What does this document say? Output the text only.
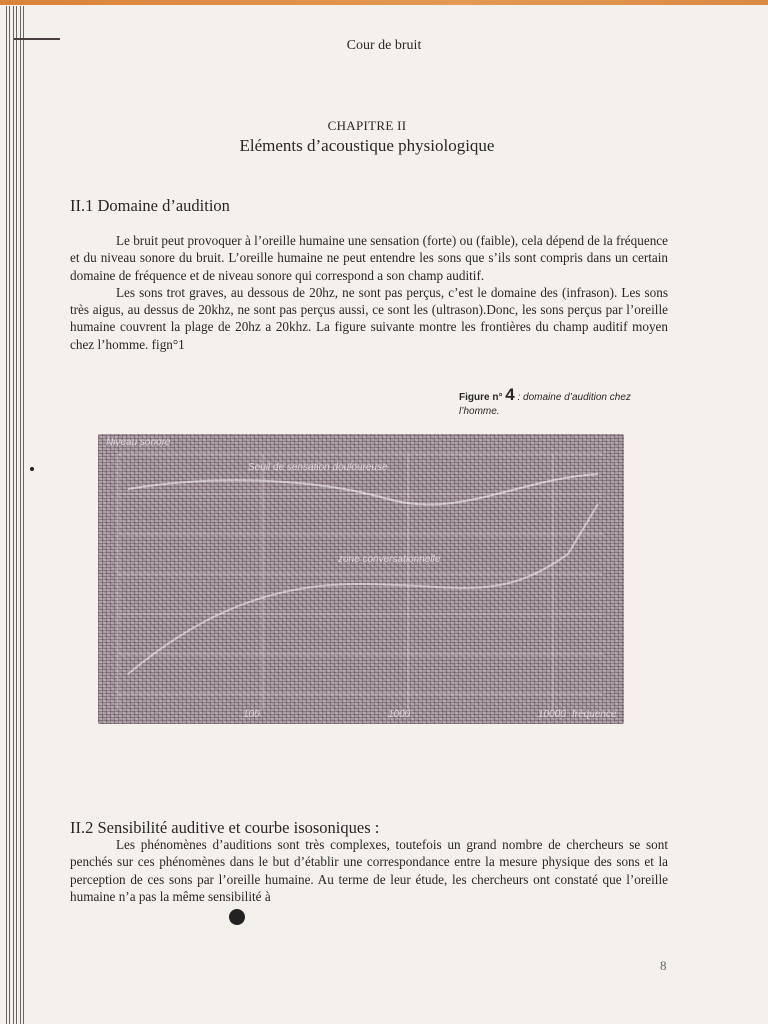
Cour de bruit
CHAPITRE II
Eléments d’acoustique physiologique
II.1 Domaine d’audition

Le bruit peut provoquer à l’oreille humaine une sensation (forte) ou (faible), cela dépend de la fréquence et du niveau sonore du bruit. L’oreille humaine ne peut entendre les sons que s’ils sont compris dans un certain domaine de fréquence et de niveau sonore qui correspond a son champ auditif.

Les sons trot graves, au dessous de 20hz, ne sont pas perçus, c’est le domaine des (infrason). Les sons très aigus, au dessus de 20khz, ne sont pas perçus aussi, ce sont les (ultrason).Donc, les sons perçus par l’oreille humaine couvrent la plage de 20hz a 20khz. La figure suivante montre les frontières du champ auditif moyen chez l’homme. fign°1

Figure n° 4 : domaine d’audition chez l’homme.
Niveau sonore
Seuil de sensation douloureuse
zone conversationnelle
100	1000	10000 fréquence
II.2 Sensibilité auditive et courbe isosoniques :

Les phénomènes d’auditions sont très complexes, toutefois un grand nombre de chercheurs se sont penchés sur ces phénomènes dans le but d’établir une correspondance entre la mesure physique des sons et la perception de ces sons par l’oreille humaine. Au terme de leur étude, les chercheurs ont constaté que l’oreille humaine n’a pas la même sensibilité à

8
